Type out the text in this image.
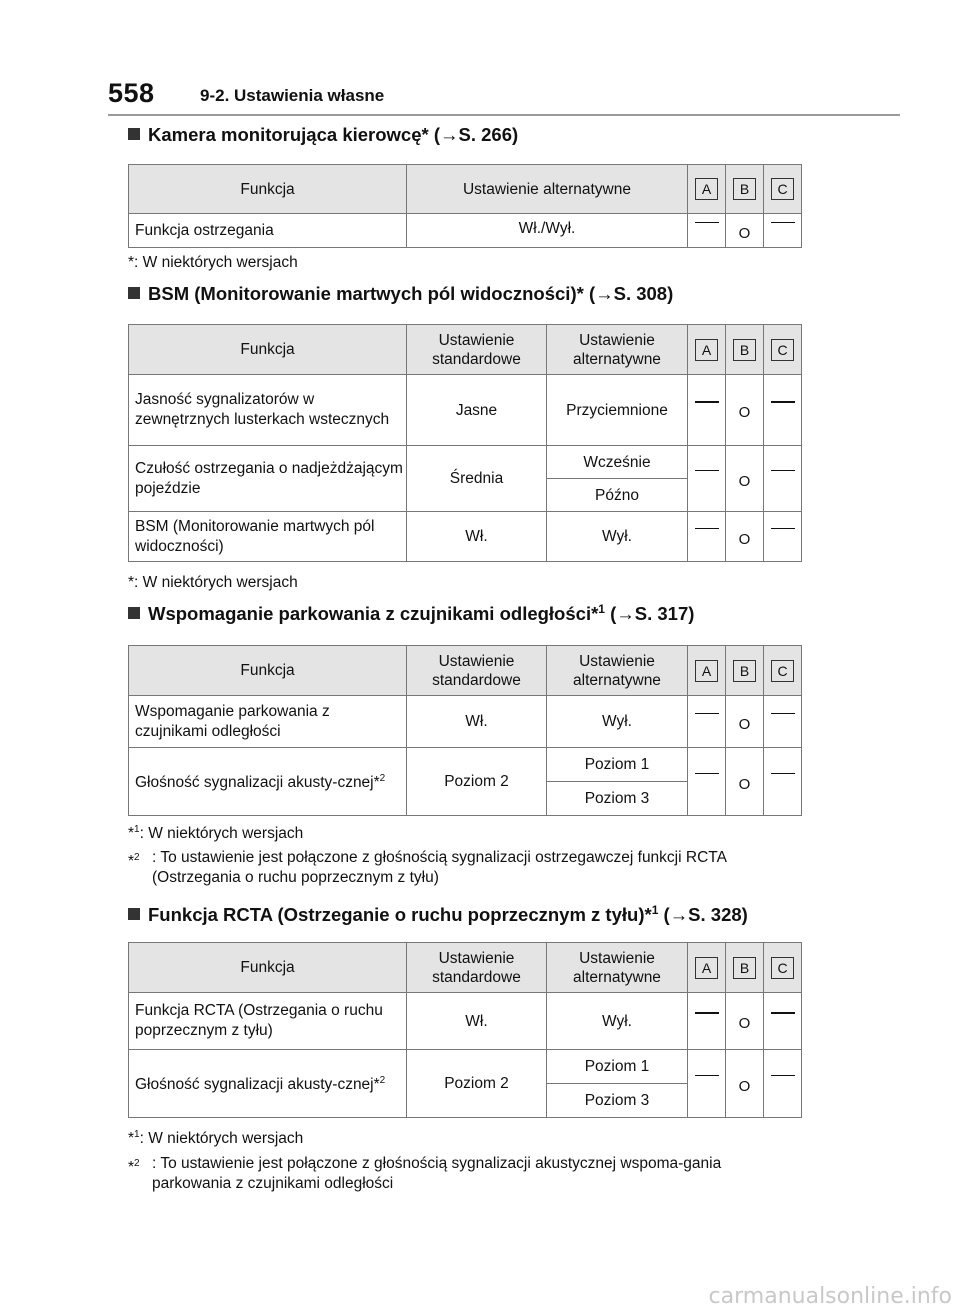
558	9-2. Ustawienia własne
Kamera monitorująca kierowcę* (→S. 266)
Funkcja	Ustawienie alternatywne	A	B	C
Funkcja ostrzegania	Wł./Wył.		O	
*: W niektórych wersjach
BSM (Monitorowanie martwych pól widoczności)* (→S. 308)
Funkcja	Ustawienie standardowe	Ustawienie alternatywne	A	B	C
Jasność sygnalizatorów w zewnętrznych lusterkach wstecznych	Jasne	Przyciemnione		O	
Czułość ostrzegania o nadjeżdżającym pojeździe	Średnia	Wcześnie		O	
		Późno			
BSM (Monitorowanie martwych pól widoczności)	Wł.	Wył.		O	
*: W niektórych wersjach
Wspomaganie parkowania z czujnikami odległości*$^1$ (→S. 317)
Funkcja	Ustawienie standardowe	Ustawienie alternatywne	A	B	C
Wspomaganie parkowania z czujnikami odległości	Wł.	Wył.		O	
Głośność sygnalizacji akusty-cznej*$^2$	Poziom 2	Poziom 1		O	
		Poziom 3			
*$^1$: W niektórych wersjach
*$^2$ : To ustawienie jest połączone z głośnością sygnalizacji ostrzegawczej funkcji RCTA (Ostrzegania o ruchu poprzecznym z tyłu)
Funkcja RCTA (Ostrzeganie o ruchu poprzecznym z tyłu)*$^1$ (→S. 328)
Funkcja	Ustawienie standardowe	Ustawienie alternatywne	A	B	C
Funkcja RCTA (Ostrzegania o ruchu poprzecznym z tyłu)	Wł.	Wył.		O	
Głośność sygnalizacji akusty-cznej*$^2$	Poziom 2	Poziom 1		O	
		Poziom 3			
*$^1$: W niektórych wersjach
*$^2$ : To ustawienie jest połączone z głośnością sygnalizacji akustycznej wspoma-gania parkowania z czujnikami odległości
carmanualsonline.info
